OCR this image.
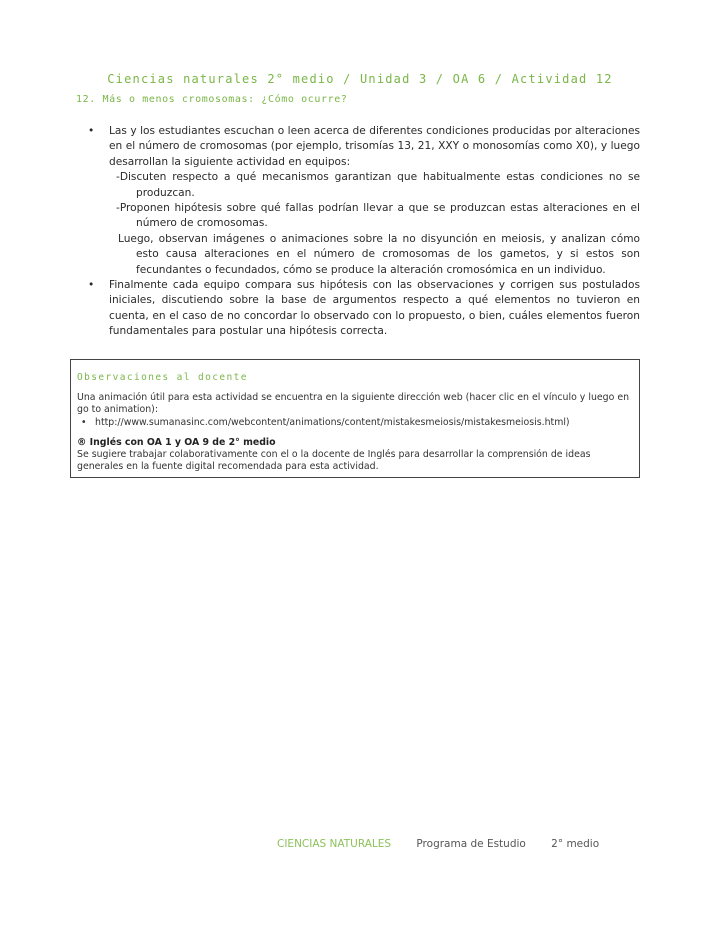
Ciencias naturales 2° medio / Unidad 3 / OA 6 / Actividad 12
12. Más o menos cromosomas: ¿Cómo ocurre?
• Las y los estudiantes escuchan o leen acerca de diferentes condiciones producidas por alteraciones en el número de cromosomas (por ejemplo, trisomías 13, 21, XXY o monosomías como X0), y luego desarrollan la siguiente actividad en equipos:
-Discuten respecto a qué mecanismos garantizan que habitualmente estas condiciones no se produzcan.
-Proponen hipótesis sobre qué fallas podrían llevar a que se produzcan estas alteraciones en el número de cromosomas.
Luego, observan imágenes o animaciones sobre la no disyunción en meiosis, y analizan cómo esto causa alteraciones en el número de cromosomas de los gametos, y si estos son fecundantes o fecundados, cómo se produce la alteración cromosómica en un individuo.
• Finalmente cada equipo compara sus hipótesis con las observaciones y corrigen sus postulados iniciales, discutiendo sobre la base de argumentos respecto a qué elementos no tuvieron en cuenta, en el caso de no concordar lo observado con lo propuesto, o bien, cuáles elementos fueron fundamentales para postular una hipótesis correcta.
Observaciones al docente
Una animación útil para esta actividad se encuentra en la siguiente dirección web (hacer clic en el vínculo y luego en go to animation):
• http://www.sumanasinc.com/webcontent/animations/content/mistakesmeiosis/mistakesmeiosis.html)
® Inglés con OA 1 y OA 9 de 2° medio
Se sugiere trabajar colaborativamente con el o la docente de Inglés para desarrollar la comprensión de ideas generales en la fuente digital recomendada para esta actividad.
CIENCIAS NATURALES Programa de Estudio 2° medio
